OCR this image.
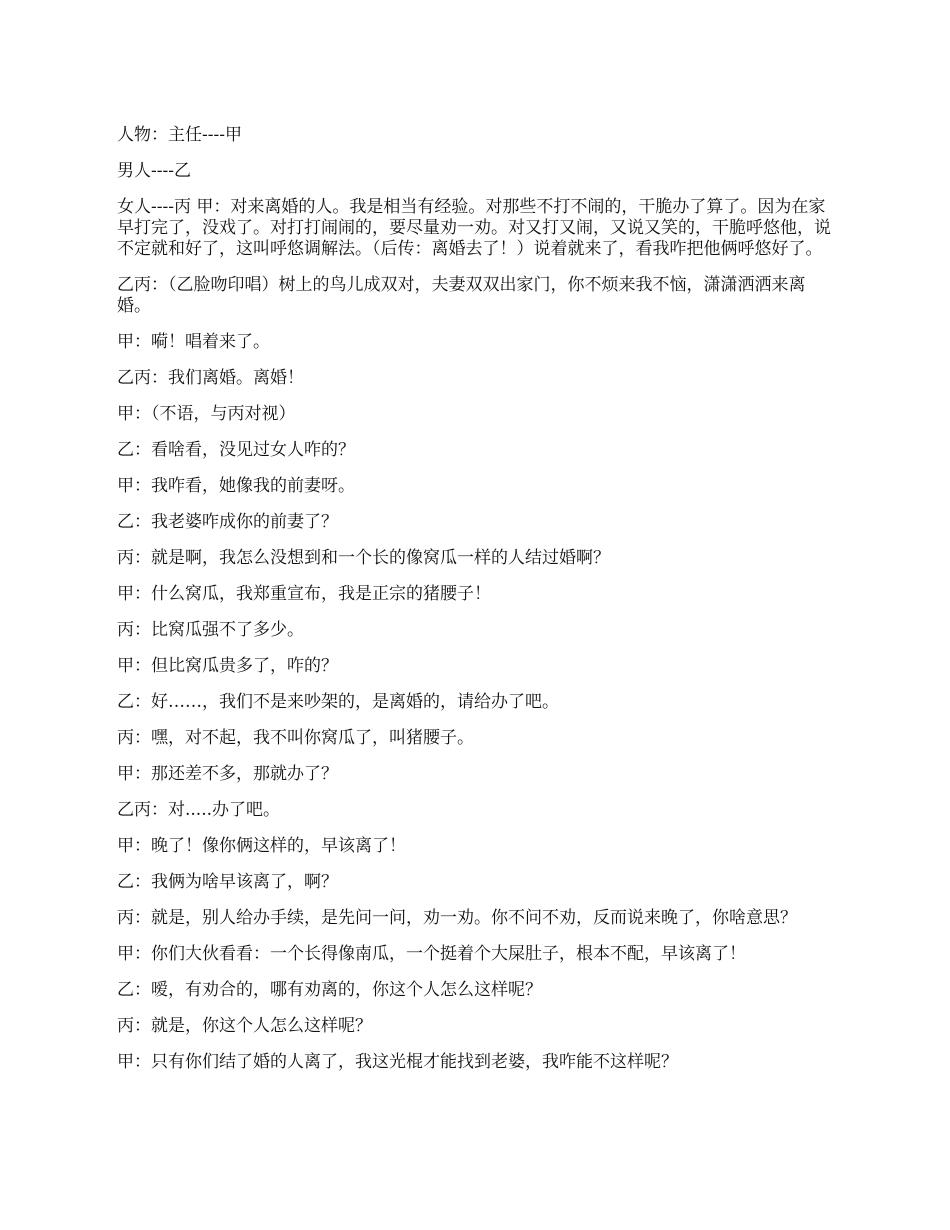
人物：主任----甲

男人----乙

女人----丙 甲：对来离婚的人。我是相当有经验。对那些不打不闹的，干脆办了算了。因为在家早打完了，没戏了。对打打闹闹的，要尽量劝一劝。对又打又闹，又说又笑的，干脆呼悠他，说不定就和好了，这叫呼悠调解法。（后传：离婚去了！）说着就来了，看我咋把他俩呼悠好了。

乙丙：（乙脸吻印唱）树上的鸟儿成双对，夫妻双双出家门，你不烦来我不恼，潇潇洒洒来离婚。

甲：嗬！唱着来了。

乙丙：我们离婚。离婚！

甲：（不语，与丙对视）

乙：看啥看，没见过女人咋的？

甲：我咋看，她像我的前妻呀。

乙：我老婆咋成你的前妻了？

丙：就是啊，我怎么没想到和一个长的像窝瓜一样的人结过婚啊？

甲：什么窝瓜，我郑重宣布，我是正宗的猪腰子！

丙：比窝瓜强不了多少。

甲：但比窝瓜贵多了，咋的？

乙：好……，我们不是来吵架的，是离婚的，请给办了吧。

丙：嘿，对不起，我不叫你窝瓜了，叫猪腰子。

甲：那还差不多，那就办了？

乙丙：对.....办了吧。

甲：晚了！像你俩这样的，早该离了！

乙：我俩为啥早该离了，啊？

丙：就是，别人给办手续，是先问一问，劝一劝。你不问不劝，反而说来晚了，你啥意思？

甲：你们大伙看看：一个长得像南瓜，一个挺着个大屎肚子，根本不配，早该离了！

乙：嗳，有劝合的，哪有劝离的，你这个人怎么这样呢？

丙：就是，你这个人怎么这样呢？

甲：只有你们结了婚的人离了，我这光棍才能找到老婆，我咋能不这样呢？
